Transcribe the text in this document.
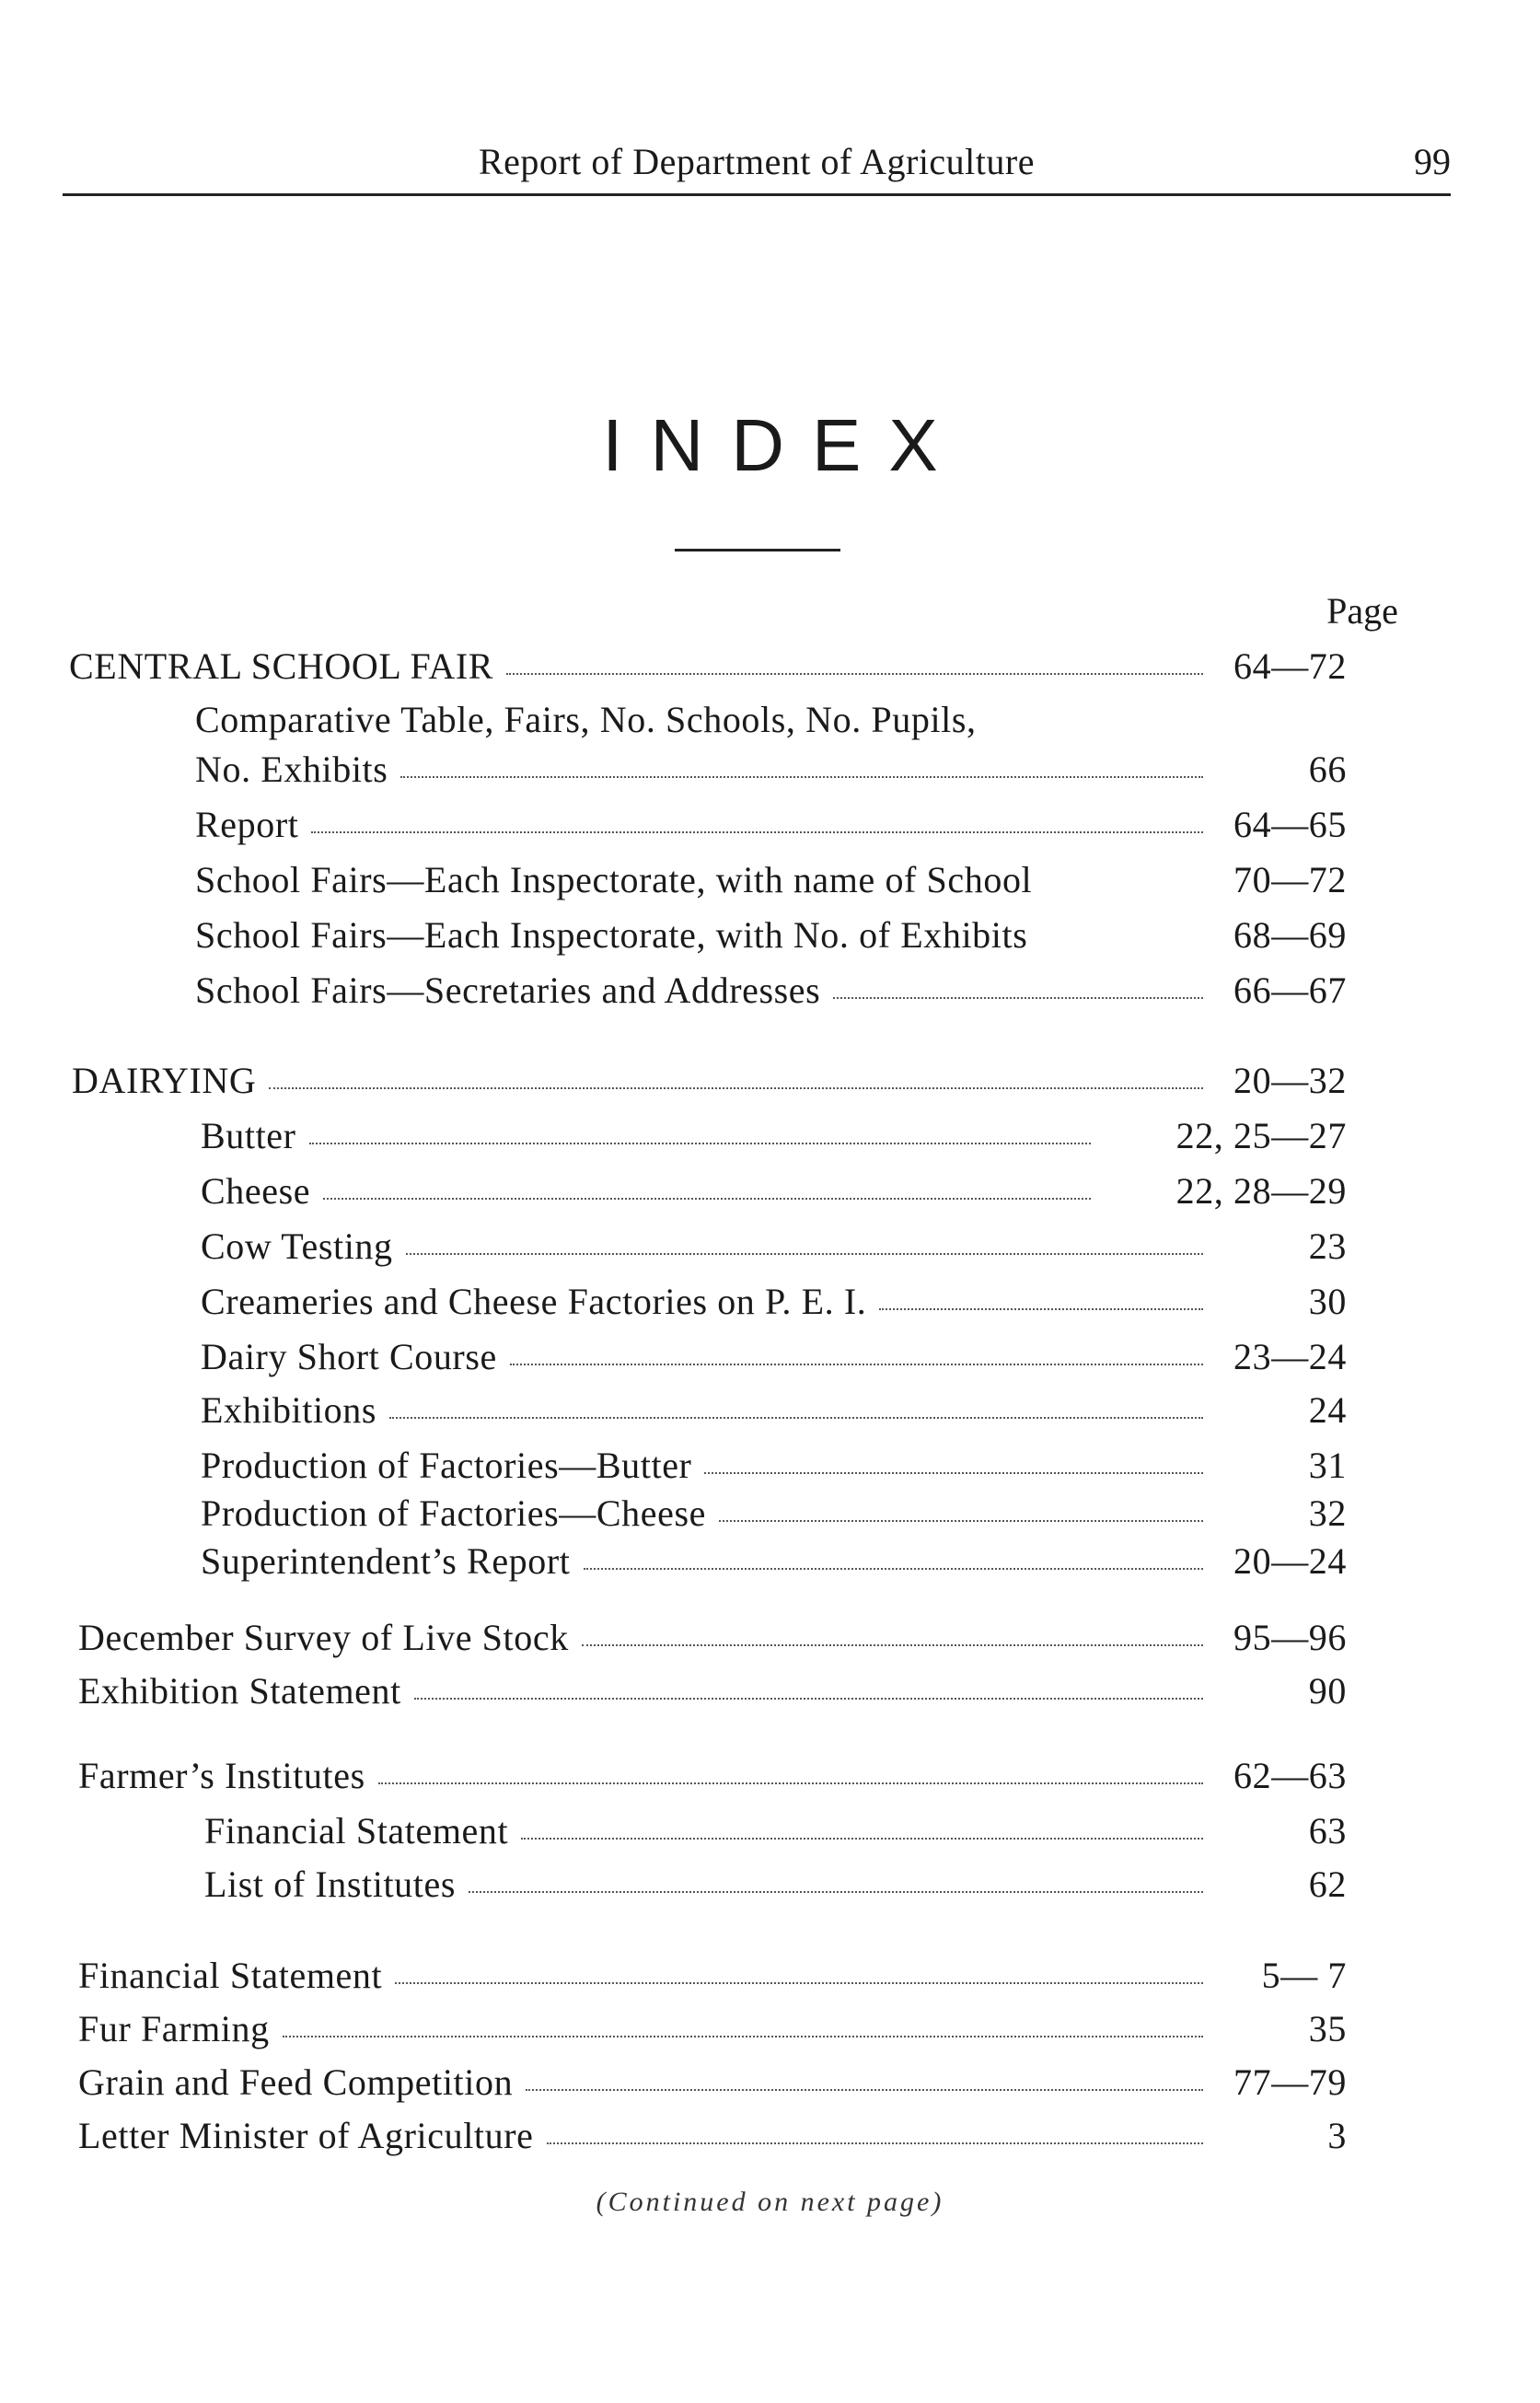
Report of Department of Agriculture	99
INDEX
Page
CENTRAL SCHOOL FAIR	64—72
Comparative Table, Fairs, No. Schools, No. Pupils,
No. Exhibits	66
Report	64—65
School Fairs—Each Inspectorate, with name of School	70—72
School Fairs—Each Inspectorate, with No. of Exhibits	68—69
School Fairs—Secretaries and Addresses	66—67
DAIRYING	20—32
Butter	22, 25—27
Cheese	22, 28—29
Cow Testing	23
Creameries and Cheese Factories on P. E. I.	30
Dairy Short Course	23—24
Exhibitions	24
Production of Factories—Butter	31
Production of Factories—Cheese	32
Superintendent’s Report	20—24
December Survey of Live Stock	95—96
Exhibition Statement	90
Farmer’s Institutes	62—63
Financial Statement	63
List of Institutes	62
Financial Statement	5— 7
Fur Farming	35
Grain and Feed Competition	77—79
Letter Minister of Agriculture	3
(Continued on next page)
